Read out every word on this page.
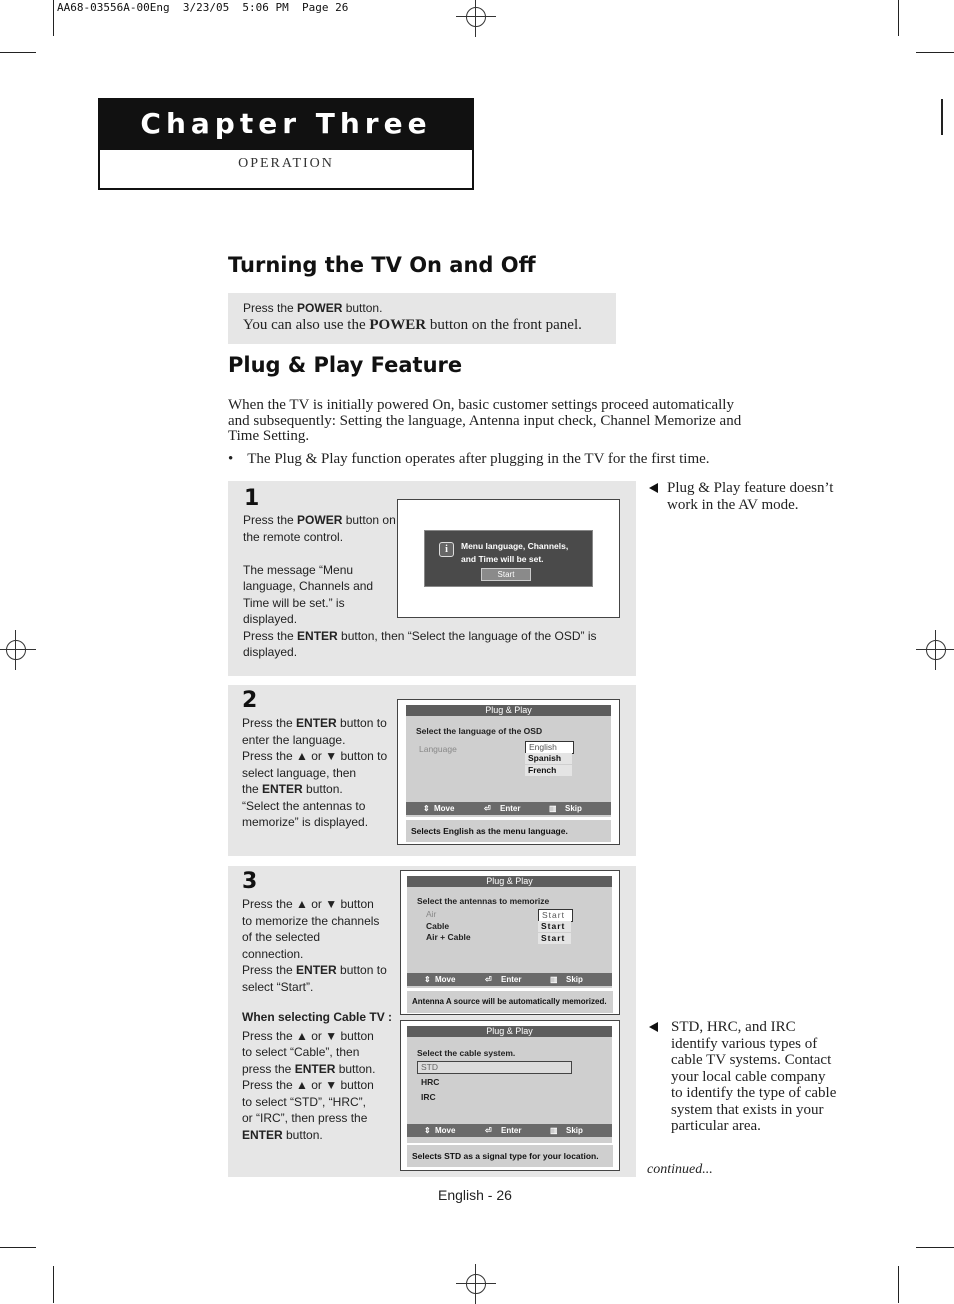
AA68-03556A-00Eng  3/23/05  5:06 PM  Page 26
Chapter Three
OPERATION
Turning the TV On and Off
Press the POWER button.
You can also use the POWER button on the front panel.
Plug & Play Feature
When the TV is initially powered On, basic customer settings proceed automatically
and subsequently: Setting the language, Antenna input check, Channel Memorize and
Time Setting.
• The Plug & Play function operates after plugging in the TV for the first time.
Plug & Play feature doesn’t
work in the AV mode.
STD, HRC, and IRC
identify various types of
cable TV systems. Contact
your local cable company
to identify the type of cable
system that exists in your
particular area.
1
Press the POWER button on
the remote control.
The message “Menu
language, Channels and
Time will be set.” is
displayed.
Press the ENTER button, then “Select the language of the OSD” is
displayed.
i	Menu language, Channels,
and Time will be set.
Start
2
Press the ENTER button to
enter the language.
Press the ▲ or ▼ button to
select language, then
the ENTER button.
“Select the antennas to
memorize” is displayed.
Plug & Play
Select the language of the OSD
Language	English
Spanish
French
⇕ Move	⏎ Enter	▥ Skip
Selects English as the menu language.
3
Press the ▲ or ▼ button
to memorize the channels
of the selected
connection.
Press the ENTER button to
select “Start”.
When selecting Cable TV :
Press the ▲ or ▼ button
to select “Cable”, then
press the ENTER button.
Press the ▲ or ▼ button
to select “STD”, “HRC”,
or “IRC”, then press the
ENTER button.
Plug & Play
Select the antennas to memorize
Air
Cable
Air + Cable
Start
Start
Start
⇕ Move	⏎ Enter	▥ Skip
Antenna A source will be automatically memorized.
Plug & Play
Select the cable system.
STD
HRC
IRC
⇕ Move	⏎ Enter	▥ Skip
Selects STD as a signal type for your location.
continued...
English - 26
